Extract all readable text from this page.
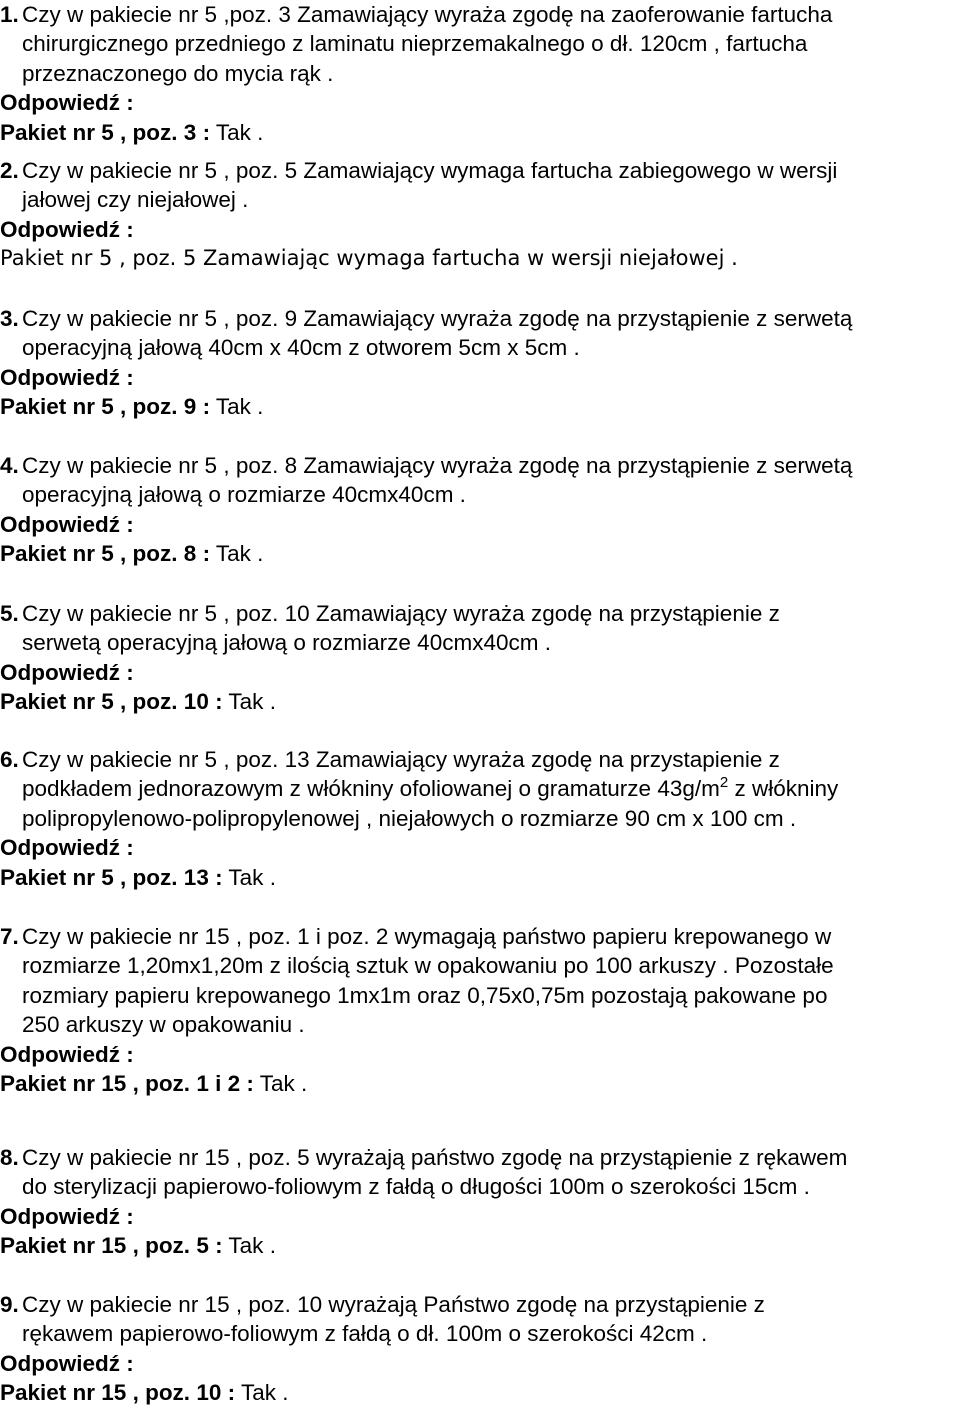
1. Czy w pakiecie nr 5 ,poz. 3 Zamawiający wyraża zgodę na zaoferowanie fartucha
chirurgicznego przedniego z laminatu nieprzemakalnego o dł. 120cm , fartucha
przeznaczonego do mycia rąk .
Odpowiedź :
Pakiet nr 5 , poz. 3 : Tak .
2. Czy w pakiecie nr 5 , poz. 5 Zamawiający wymaga fartucha zabiegowego w wersji
jałowej czy niejałowej .
Odpowiedź :
Pakiet nr 5 , poz. 5 Zamawiając wymaga fartucha w wersji niejałowej .
3. Czy w pakiecie nr 5 , poz. 9 Zamawiający wyraża zgodę na przystąpienie z serwetą
operacyjną jałową 40cm x 40cm z otworem 5cm x 5cm .
Odpowiedź :
Pakiet nr 5 , poz. 9 : Tak .
4. Czy w pakiecie nr 5 , poz. 8 Zamawiający wyraża zgodę na przystąpienie z serwetą
operacyjną jałową o rozmiarze 40cmx40cm .
Odpowiedź :
Pakiet nr 5 , poz. 8 : Tak .
5. Czy w pakiecie nr 5 , poz. 10 Zamawiający wyraża zgodę na przystąpienie z
serwetą operacyjną jałową o rozmiarze 40cmx40cm .
Odpowiedź :
Pakiet nr 5 , poz. 10 : Tak .
6. Czy w pakiecie nr 5 , poz. 13 Zamawiający wyraża zgodę na przystapienie z
podkładem jednorazowym z włókniny ofoliowanej o gramaturze $43g/m^2$ z włókniny
polipropylenowo-polipropylenowej , niejałowych o rozmiarze 90 cm x 100 cm .
Odpowiedź :
Pakiet nr 5 , poz. 13 : Tak .
7. Czy w pakiecie nr 15 , poz. 1 i poz. 2 wymagają państwo papieru krepowanego w
rozmiarze 1,20mx1,20m z ilością sztuk w opakowaniu po 100 arkuszy . Pozostałe
rozmiary papieru krepowanego 1mx1m oraz 0,75x0,75m pozostają pakowane po
250 arkuszy w opakowaniu .
Odpowiedź :
Pakiet nr 15 , poz. 1 i 2 : Tak .
8. Czy w pakiecie nr 15 , poz. 5 wyrażają państwo zgodę na przystąpienie z rękawem
do sterylizacji papierowo-foliowym z fałdą o długości 100m o szerokości 15cm .
Odpowiedź :
Pakiet nr 15 , poz. 5 : Tak .
9. Czy w pakiecie nr 15 , poz. 10 wyrażają Państwo zgodę na przystąpienie z
rękawem papierowo-foliowym z fałdą o dł. 100m o szerokości 42cm .
Odpowiedź :
Pakiet nr 15 , poz. 10 : Tak .
